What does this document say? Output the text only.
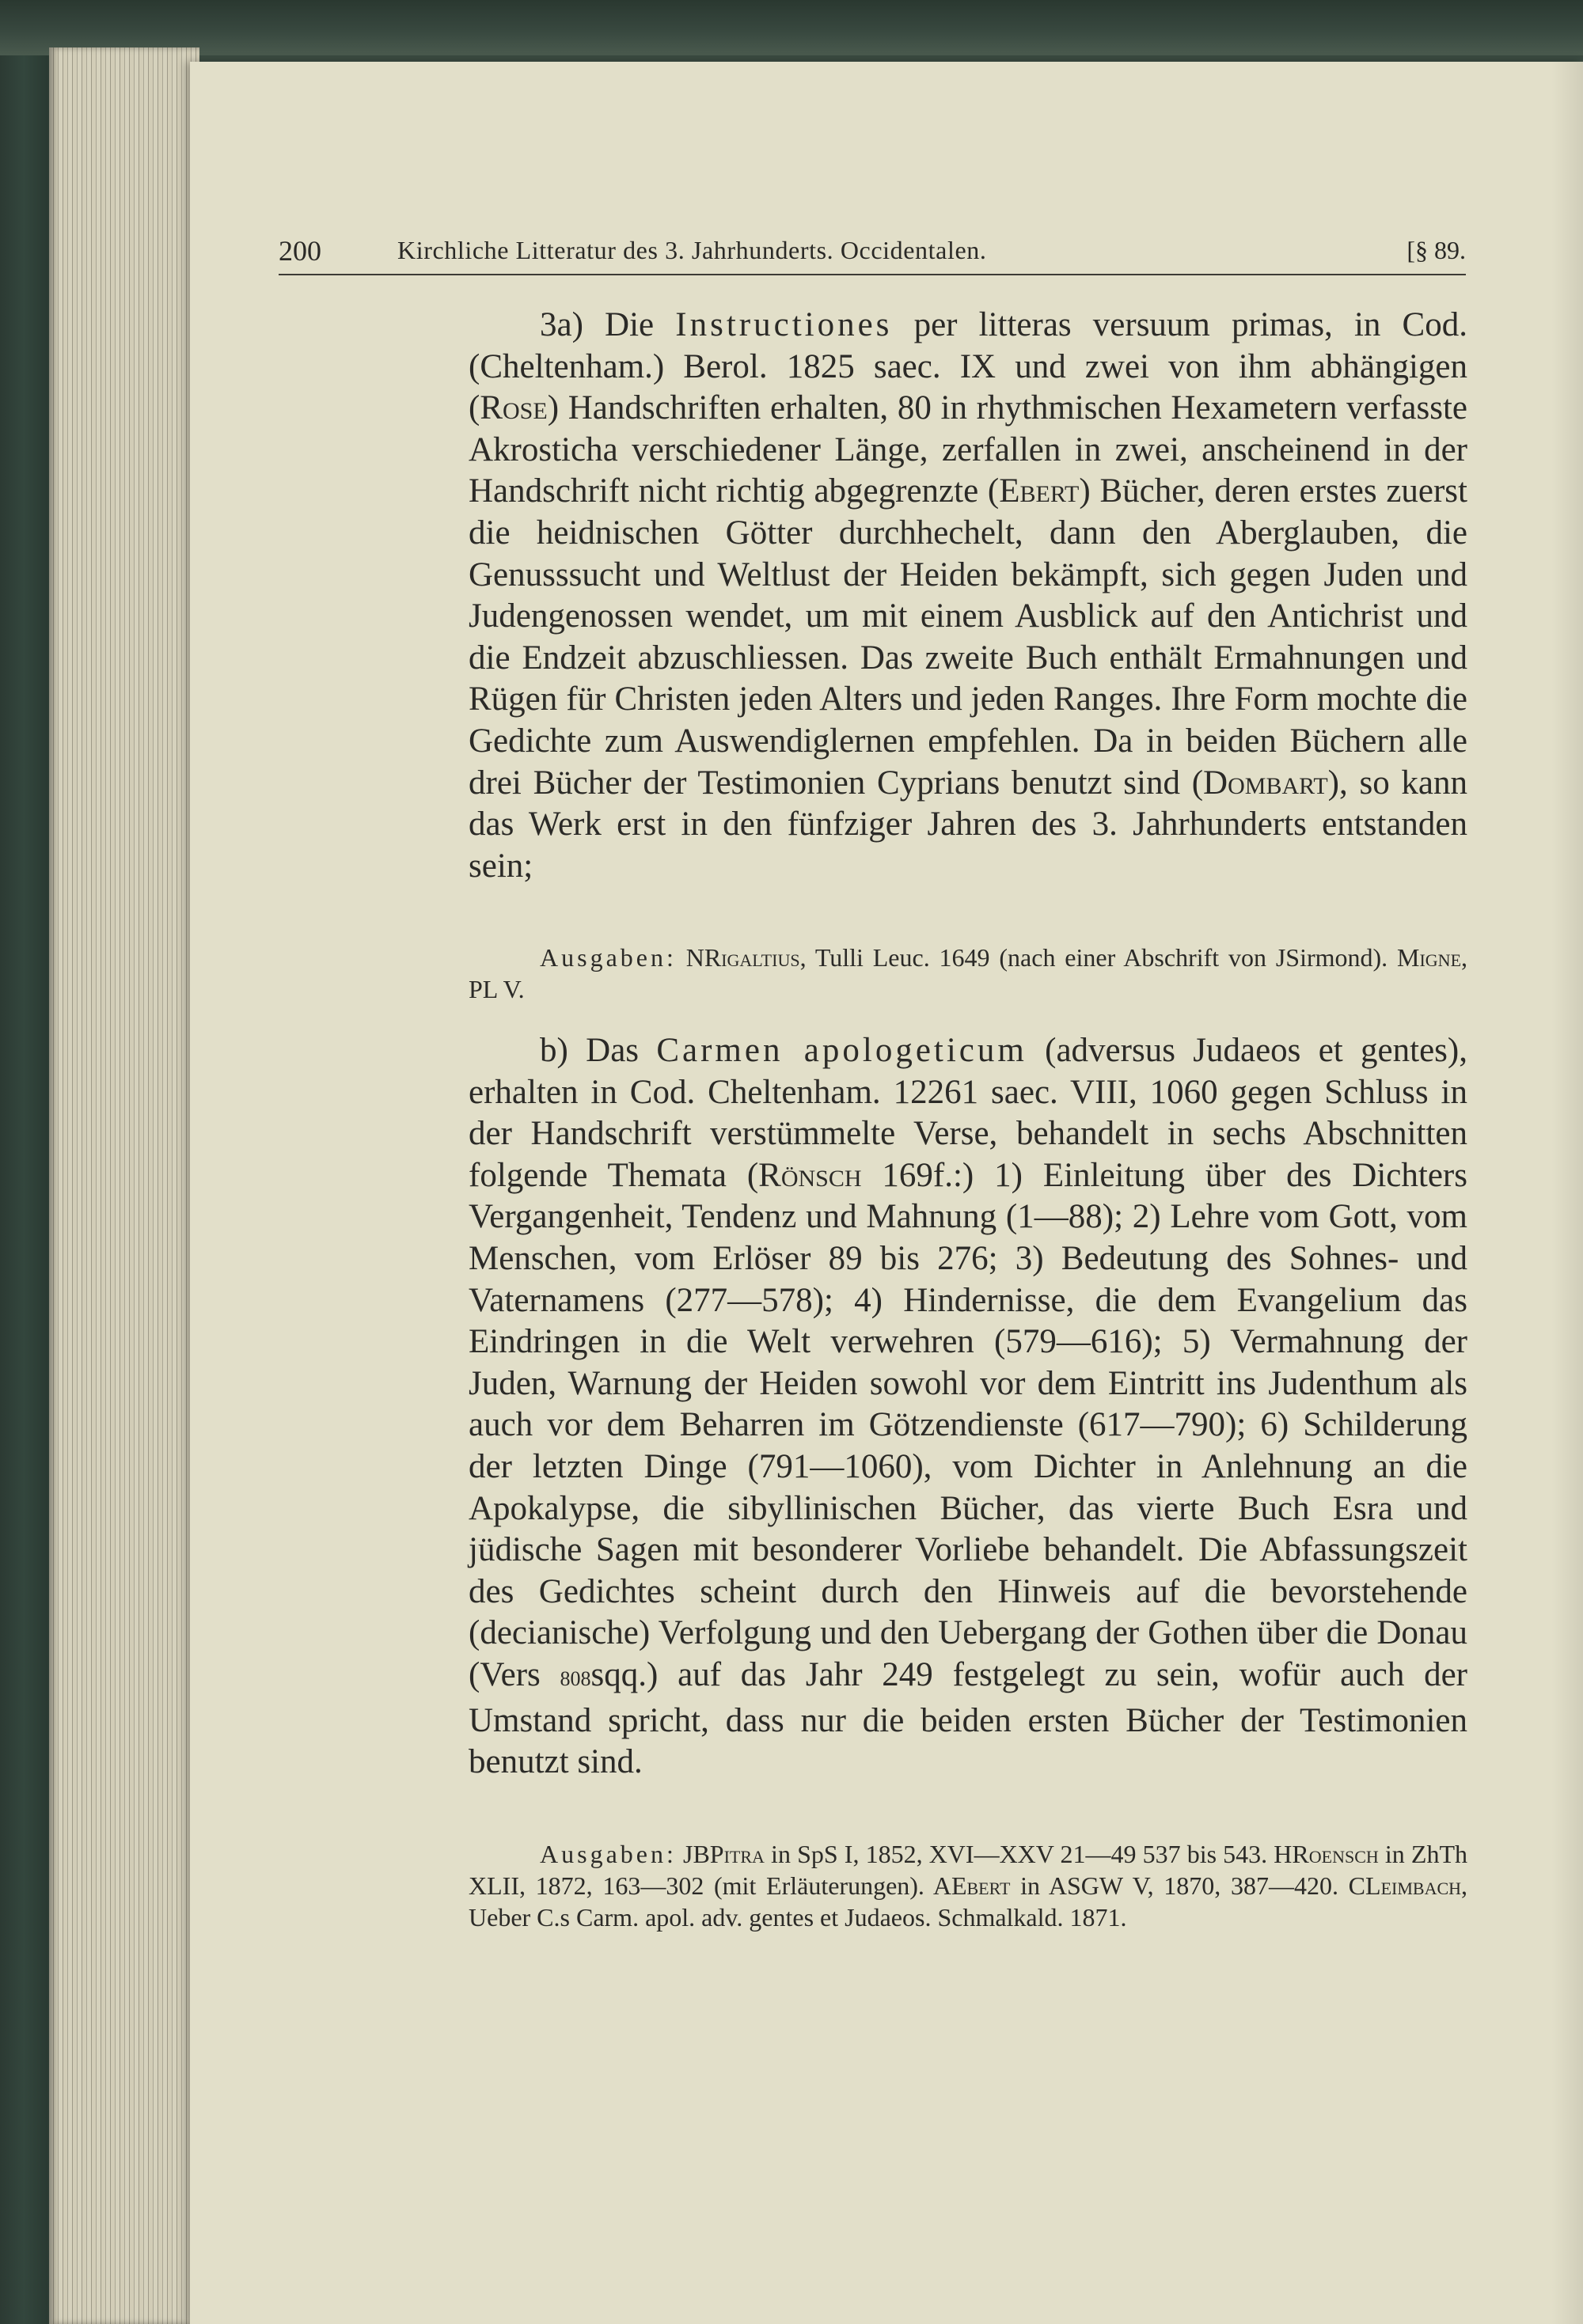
200	Kirchliche Litteratur des 3. Jahrhunderts. Occidentalen.	[§ 89.

3a) Die Instructiones per litteras versuum primas, in Cod. (Cheltenham.) Berol. 1825 saec. IX und zwei von ihm abhängigen (Rose) Handschriften erhalten, 80 in rhythmischen Hexametern verfasste Akrosticha verschiedener Länge, zerfallen in zwei, anscheinend in der Handschrift nicht richtig abgegrenzte (Ebert) Bücher, deren erstes zuerst die heidnischen Götter durchhechelt, dann den Aberglauben, die Genusssucht und Weltlust der Heiden bekämpft, sich gegen Juden und Judengenossen wendet, um mit einem Ausblick auf den Antichrist und die Endzeit abzuschliessen. Das zweite Buch enthält Ermahnungen und Rügen für Christen jeden Alters und jeden Ranges. Ihre Form mochte die Gedichte zum Auswendiglernen empfehlen. Da in beiden Büchern alle drei Bücher der Testimonien Cyprians benutzt sind (Dombart), so kann das Werk erst in den fünfziger Jahren des 3. Jahrhunderts entstanden sein;

Ausgaben: NRigaltius, Tulli Leuc. 1649 (nach einer Abschrift von JSirmond). Migne, PL V.

b) Das Carmen apologeticum (adversus Judaeos et gentes), erhalten in Cod. Cheltenham. 12261 saec. VIII, 1060 gegen Schluss in der Handschrift verstümmelte Verse, behandelt in sechs Abschnitten folgende Themata (Rönsch 169f.:) 1) Einleitung über des Dichters Vergangenheit, Tendenz und Mahnung (1—88); 2) Lehre vom Gott, vom Menschen, vom Erlöser 89 bis 276; 3) Bedeutung des Sohnes- und Vaternamens (277—578); 4) Hindernisse, die dem Evangelium das Eindringen in die Welt verwehren (579—616); 5) Vermahnung der Juden, Warnung der Heiden sowohl vor dem Eintritt ins Judenthum als auch vor dem Beharren im Götzendienste (617—790); 6) Schilderung der letzten Dinge (791—1060), vom Dichter in Anlehnung an die Apokalypse, die sibyllinischen Bücher, das vierte Buch Esra und jüdische Sagen mit besonderer Vorliebe behandelt. Die Abfassungszeit des Gedichtes scheint durch den Hinweis auf die bevorstehende (decianische) Verfolgung und den Uebergang der Gothen über die Donau (Vers 808sqq.) auf das Jahr 249 festgelegt zu sein, wofür auch der Umstand spricht, dass nur die beiden ersten Bücher der Testimonien benutzt sind.

Ausgaben: JBPitra in SpS I, 1852, XVI—XXV 21—49 537 bis 543. HRoensch in ZhTh XLII, 1872, 163—302 (mit Erläuterungen). AEbert in ASGW V, 1870, 387—420. CLeimbach, Ueber C.s Carm. apol. adv. gentes et Judaeos. Schmalkald. 1871.
